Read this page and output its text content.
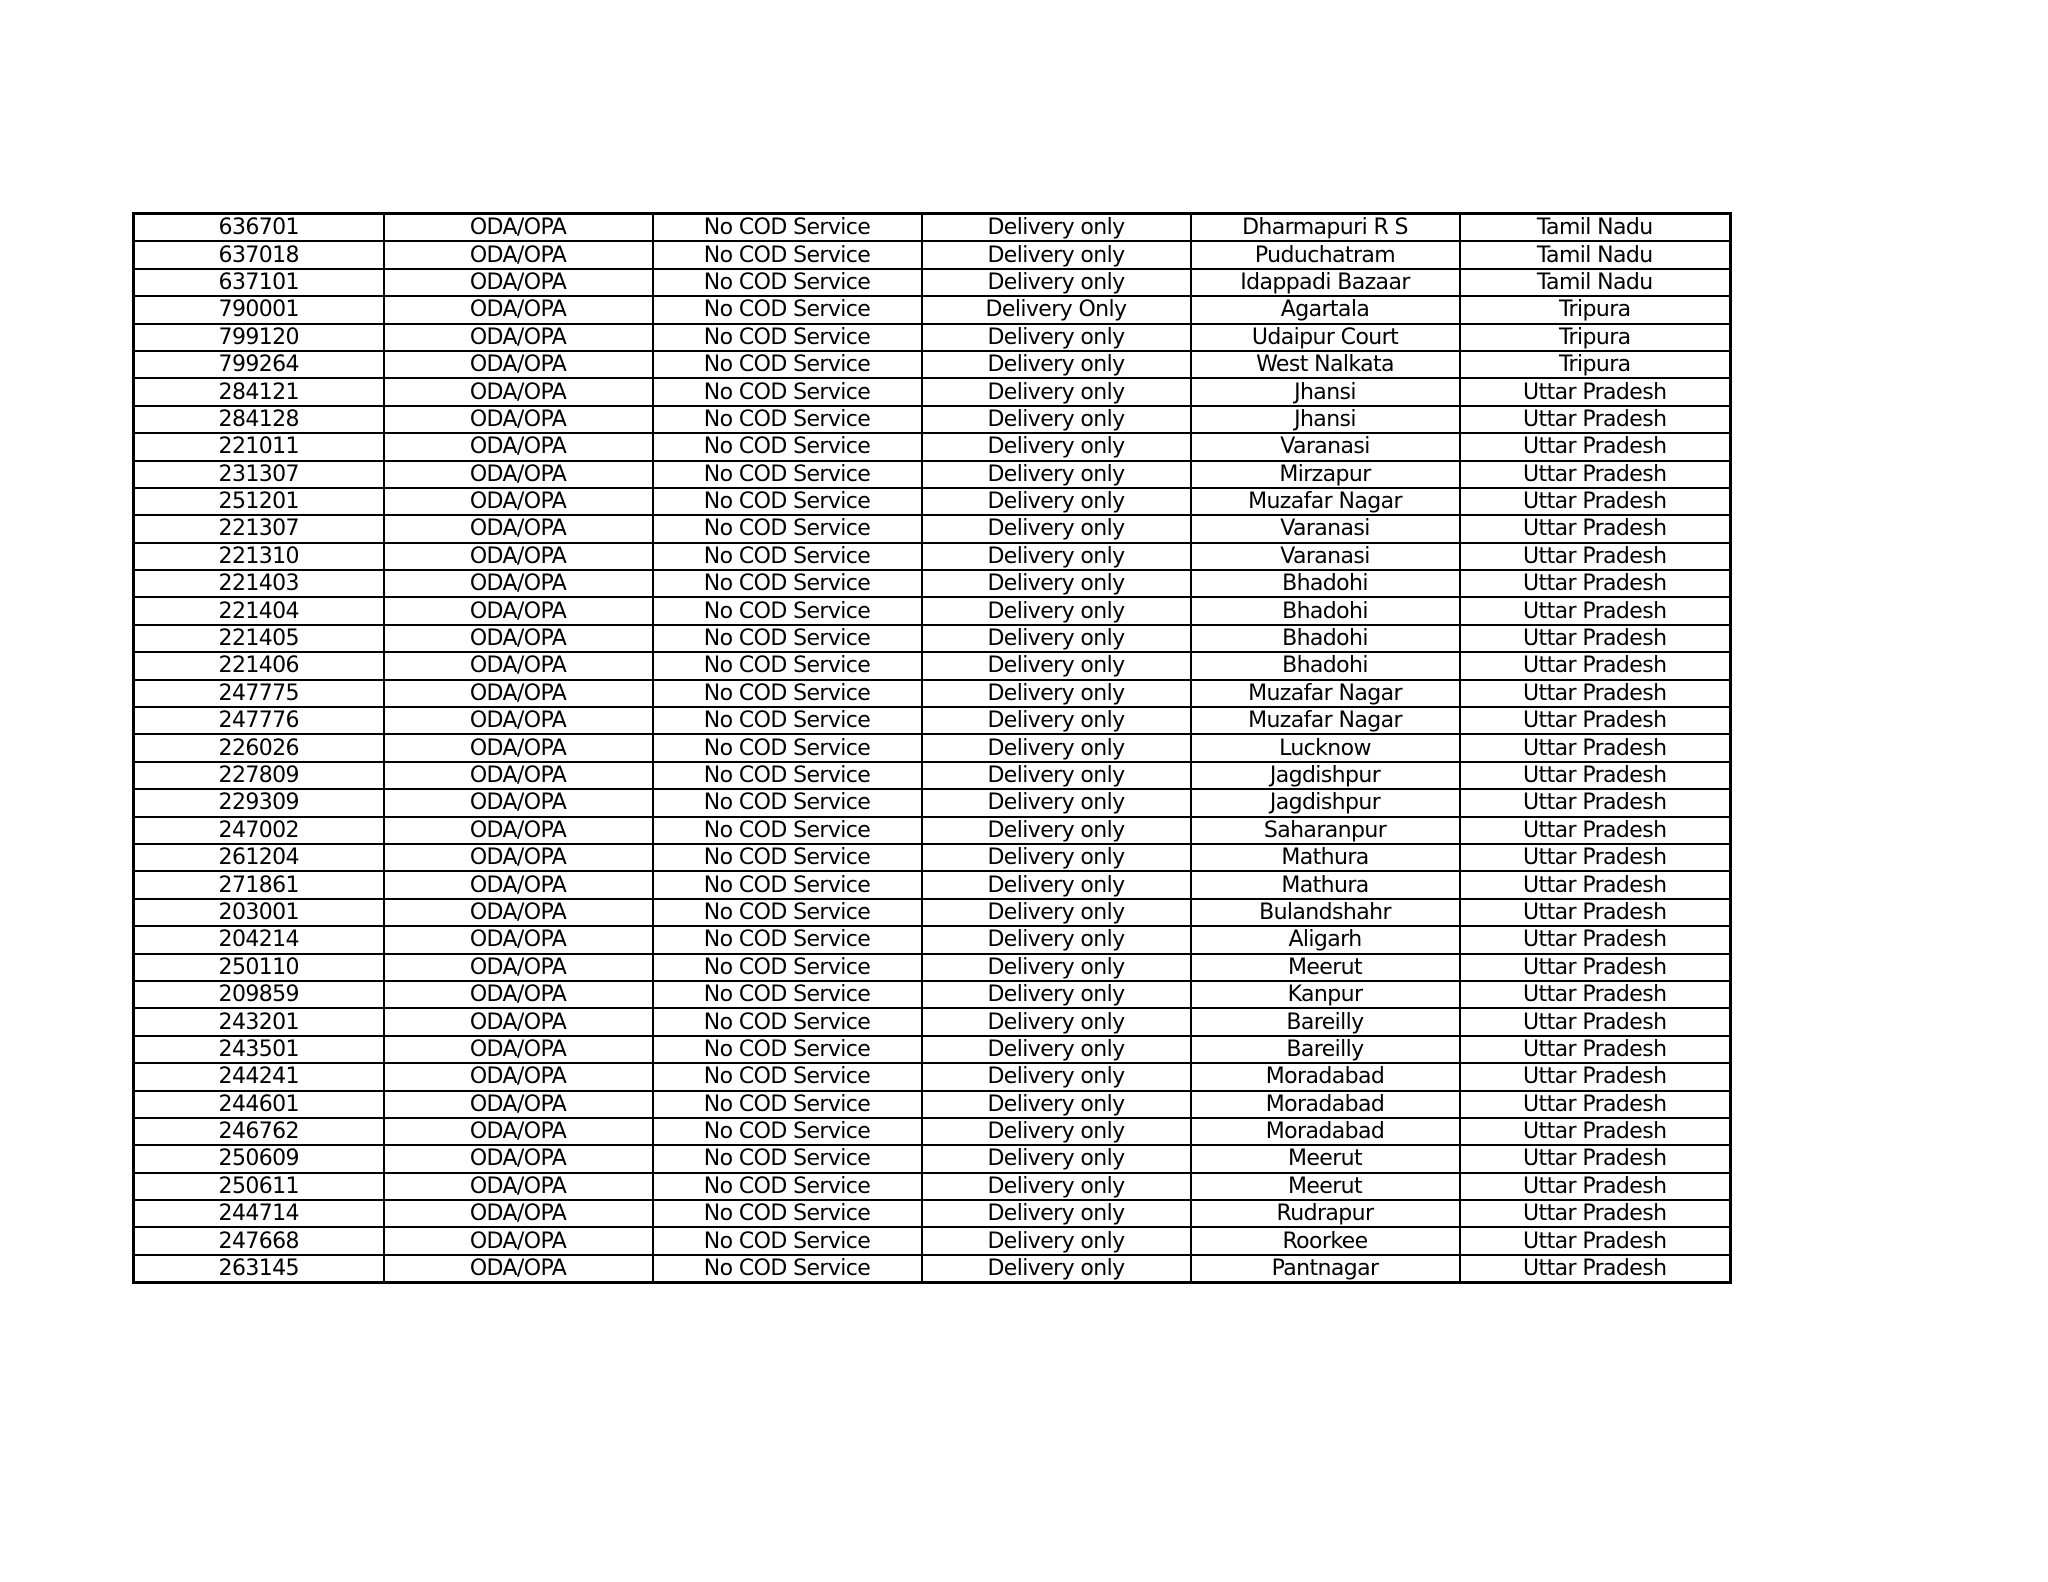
636701	ODA/OPA	No COD Service	Delivery only	Dharmapuri R S	Tamil Nadu
637018	ODA/OPA	No COD Service	Delivery only	Puduchatram	Tamil Nadu
637101	ODA/OPA	No COD Service	Delivery only	Idappadi Bazaar	Tamil Nadu
790001	ODA/OPA	No COD Service	Delivery Only	Agartala	Tripura
799120	ODA/OPA	No COD Service	Delivery only	Udaipur Court	Tripura
799264	ODA/OPA	No COD Service	Delivery only	West Nalkata	Tripura
284121	ODA/OPA	No COD Service	Delivery only	Jhansi	Uttar Pradesh
284128	ODA/OPA	No COD Service	Delivery only	Jhansi	Uttar Pradesh
221011	ODA/OPA	No COD Service	Delivery only	Varanasi	Uttar Pradesh
231307	ODA/OPA	No COD Service	Delivery only	Mirzapur	Uttar Pradesh
251201	ODA/OPA	No COD Service	Delivery only	Muzafar Nagar	Uttar Pradesh
221307	ODA/OPA	No COD Service	Delivery only	Varanasi	Uttar Pradesh
221310	ODA/OPA	No COD Service	Delivery only	Varanasi	Uttar Pradesh
221403	ODA/OPA	No COD Service	Delivery only	Bhadohi	Uttar Pradesh
221404	ODA/OPA	No COD Service	Delivery only	Bhadohi	Uttar Pradesh
221405	ODA/OPA	No COD Service	Delivery only	Bhadohi	Uttar Pradesh
221406	ODA/OPA	No COD Service	Delivery only	Bhadohi	Uttar Pradesh
247775	ODA/OPA	No COD Service	Delivery only	Muzafar Nagar	Uttar Pradesh
247776	ODA/OPA	No COD Service	Delivery only	Muzafar Nagar	Uttar Pradesh
226026	ODA/OPA	No COD Service	Delivery only	Lucknow	Uttar Pradesh
227809	ODA/OPA	No COD Service	Delivery only	Jagdishpur	Uttar Pradesh
229309	ODA/OPA	No COD Service	Delivery only	Jagdishpur	Uttar Pradesh
247002	ODA/OPA	No COD Service	Delivery only	Saharanpur	Uttar Pradesh
261204	ODA/OPA	No COD Service	Delivery only	Mathura	Uttar Pradesh
271861	ODA/OPA	No COD Service	Delivery only	Mathura	Uttar Pradesh
203001	ODA/OPA	No COD Service	Delivery only	Bulandshahr	Uttar Pradesh
204214	ODA/OPA	No COD Service	Delivery only	Aligarh	Uttar Pradesh
250110	ODA/OPA	No COD Service	Delivery only	Meerut	Uttar Pradesh
209859	ODA/OPA	No COD Service	Delivery only	Kanpur	Uttar Pradesh
243201	ODA/OPA	No COD Service	Delivery only	Bareilly	Uttar Pradesh
243501	ODA/OPA	No COD Service	Delivery only	Bareilly	Uttar Pradesh
244241	ODA/OPA	No COD Service	Delivery only	Moradabad	Uttar Pradesh
244601	ODA/OPA	No COD Service	Delivery only	Moradabad	Uttar Pradesh
246762	ODA/OPA	No COD Service	Delivery only	Moradabad	Uttar Pradesh
250609	ODA/OPA	No COD Service	Delivery only	Meerut	Uttar Pradesh
250611	ODA/OPA	No COD Service	Delivery only	Meerut	Uttar Pradesh
244714	ODA/OPA	No COD Service	Delivery only	Rudrapur	Uttar Pradesh
247668	ODA/OPA	No COD Service	Delivery only	Roorkee	Uttar Pradesh
263145	ODA/OPA	No COD Service	Delivery only	Pantnagar	Uttar Pradesh
